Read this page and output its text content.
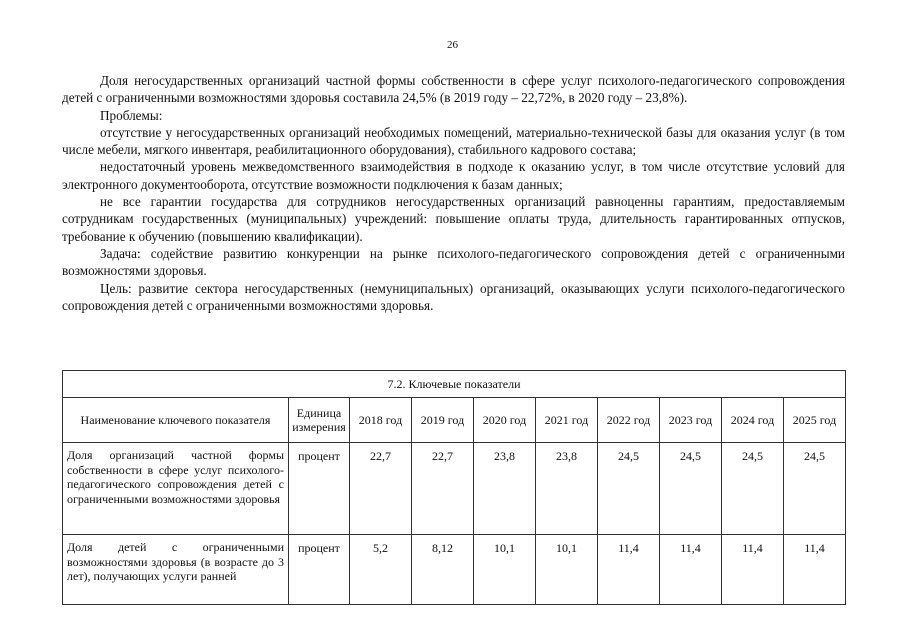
26

Доля негосударственных организаций частной формы собственности в сфере услуг психолого-педагогического сопровождения детей с ограниченными возможностями здоровья составила 24,5% (в 2019 году – 22,72%, в 2020 году – 23,8%).

Проблемы:

отсутствие у негосударственных организаций необходимых помещений, материально-технической базы для оказания услуг (в том числе мебели, мягкого инвентаря, реабилитационного оборудования), стабильного кадрового состава;

недостаточный уровень межведомственного взаимодействия в подходе к оказанию услуг, в том числе отсутствие условий для электронного документооборота, отсутствие возможности подключения к базам данных;

не все гарантии государства для сотрудников негосударственных организаций равноценны гарантиям, предоставляемым сотрудникам государственных (муниципальных) учреждений: повышение оплаты труда, длительность гарантированных отпусков, требование к обучению (повышению квалификации).

Задача: содействие развитию конкуренции на рынке психолого-педагогического сопровождения детей с ограниченными возможностями здоровья.

Цель: развитие сектора негосударственных (немуниципальных) организаций, оказывающих услуги психолого-педагогического сопровождения детей с ограниченными возможностями здоровья.

7.2. Ключевые показатели									
Наименование ключевого показателя	Единица измерения	2018 год	2019 год	2020 год	2021 год	2022 год	2023 год	2024 год	2025 год
Доля организаций частной формы собственности в сфере услуг психолого-педагогического сопровождения детей с ограниченными возможностями здоровья	процент	22,7	22,7	23,8	23,8	24,5	24,5	24,5	24,5
Доля детей с ограниченными возможностями здоровья (в возрасте до 3 лет), получающих услуги ранней	процент	5,2	8,12	10,1	10,1	11,4	11,4	11,4	11,4
